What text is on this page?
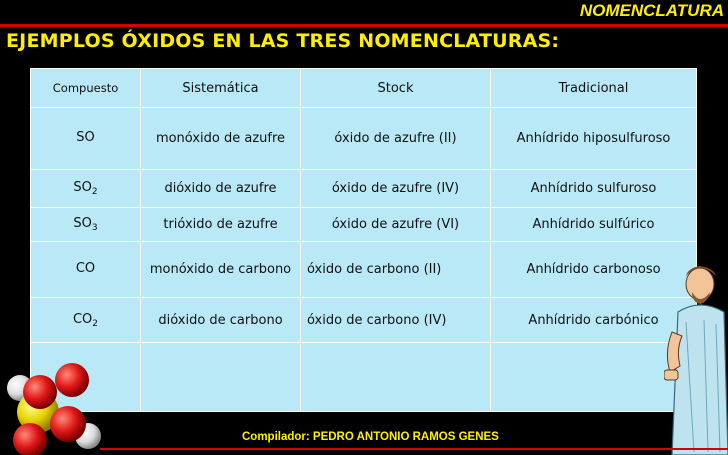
NOMENCLATURA
EJEMPLOS ÓXIDOS EN LAS TRES NOMENCLATURAS:
Compuesto	Sistemática	Stock	Tradicional
SO	monóxido de azufre	óxido de azufre (II)	Anhídrido hiposulfuroso
$SO_2$	dióxido de azufre	óxido de azufre (IV)	Anhídrido sulfuroso
$SO_3$	trióxido de azufre	óxido de azufre (VI)	Anhídrido sulfúrico
CO	monóxido de carbono	óxido de carbono (II)	Anhídrido carbonoso
$CO_2$	dióxido de carbono	óxido de carbono (IV)	Anhídrido carbónico

Compilador: PEDRO ANTONIO RAMOS GENES
